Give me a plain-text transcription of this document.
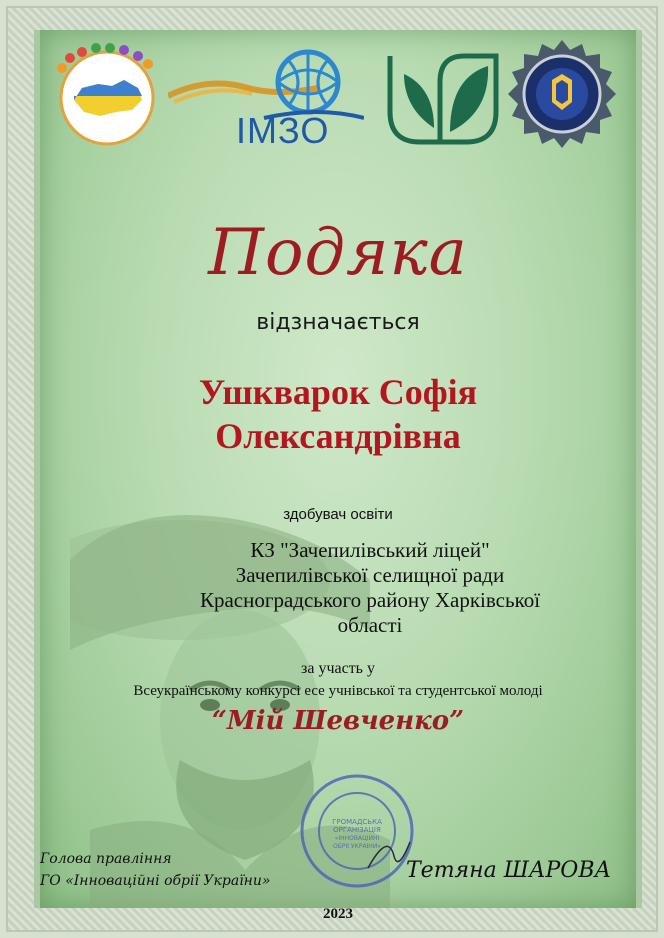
ІМЗО
Подяка
відзначається
Ушкварок Софія
Олександрівна
здобувач освіти
КЗ "Зачепилівський ліцей"
Зачепилівської селищної ради
Красноградського району Харківської
області
за участь у
Всеукраїнському конкурсі есе учнівської та студентської молоді
“Мій Шевченко”
Голова правління
ГО «Інноваційні обрії України»
ГРОМАДСЬКА
ОРГАНІЗАЦІЯ
«ІННОВАЦІЙНІ
ОБРІЇ УКРАЇНИ»
Тетяна ШАРОВА
2023
